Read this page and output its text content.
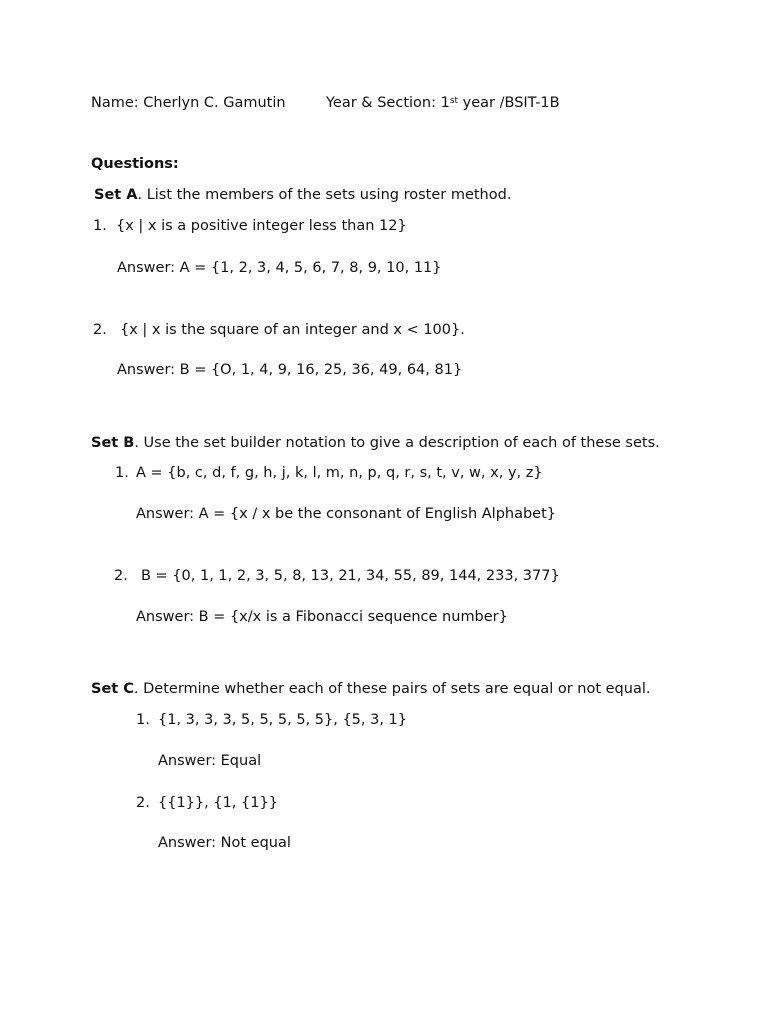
Name: Cherlyn C. Gamutin	Year & Section: 1st year /BSIT-1B
Questions:
Set A. List the members of the sets using roster method.
1. {x | x is a positive integer less than 12}
Answer: A = {1, 2, 3, 4, 5, 6, 7, 8, 9, 10, 11}
2. {x | x is the square of an integer and x < 100}.
Answer: B = {O, 1, 4, 9, 16, 25, 36, 49, 64, 81}
Set B. Use the set builder notation to give a description of each of these sets.
1. A = {b, c, d, f, g, h, j, k, l, m, n, p, q, r, s, t, v, w, x, y, z}
Answer: A = {x / x be the consonant of English Alphabet}
2. B = {0, 1, 1, 2, 3, 5, 8, 13, 21, 34, 55, 89, 144, 233, 377}
Answer: B = {x/x is a Fibonacci sequence number}
Set C. Determine whether each of these pairs of sets are equal or not equal.
1. {1, 3, 3, 3, 5, 5, 5, 5, 5}, {5, 3, 1}
Answer: Equal
2. {{1}}, {1, {1}}
Answer: Not equal
